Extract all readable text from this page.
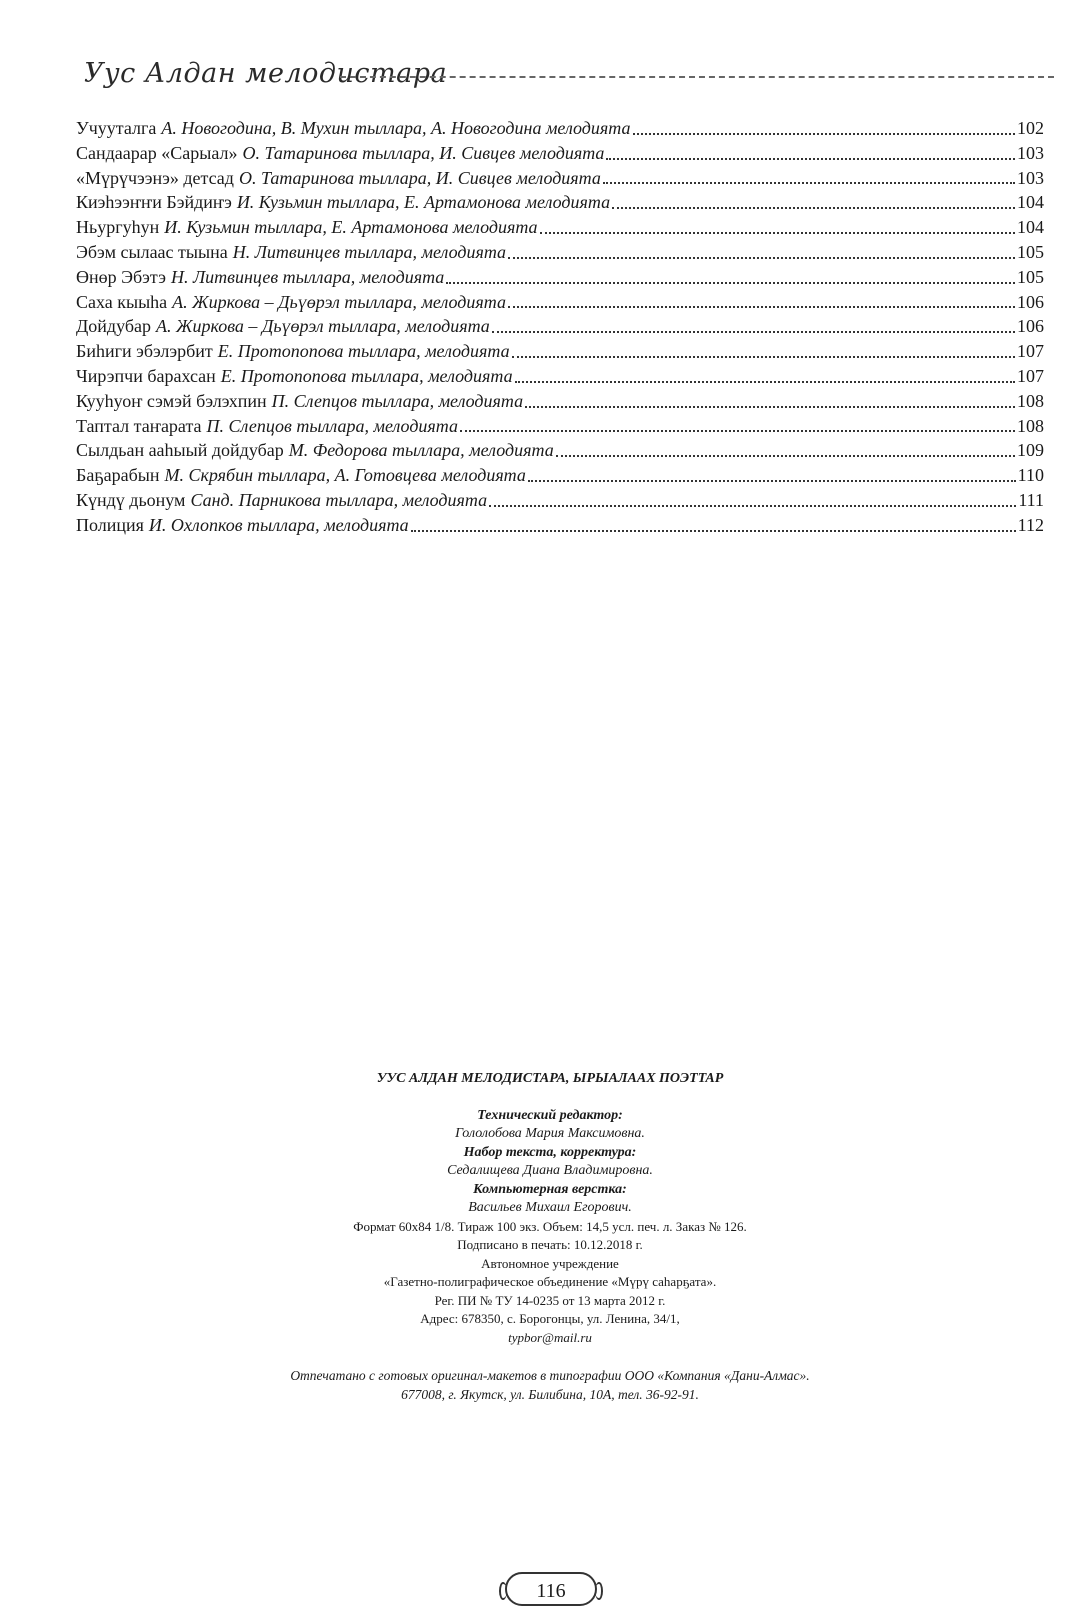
Уус Алдан мелодистара
Учууталга А. Новогодина, В. Мухин тыллара, А. Новогодина мелодията	102
Сандаарар «Сарыал» О. Татаринова тыллара, И. Сивцев мелодията	103
«Мүрүчээнэ» детсад О. Татаринова тыллара, И. Сивцев мелодията	103
Киэһээҥҥи Бэйдиҥэ И. Кузьмин тыллара, Е. Артамонова мелодията	104
Ньургуһун И. Кузьмин тыллара, Е. Артамонова мелодията	104
Эбэм сылаас тыына Н. Литвинцев тыллара, мелодията	105
Өнөр Эбэтэ Н. Литвинцев тыллара, мелодията	105
Саха кыыһа А. Жиркова – Дьүөрэл тыллара, мелодията	106
Дойдубар А. Жиркова – Дьүөрэл тыллара, мелодията	106
Биһиги эбэлэрбит Е. Протопопова тыллара, мелодията	107
Чирэпчи барахсан Е. Протопопова тыллара, мелодията	107
Кууһуоҥ сэмэй бэлэхпин П. Слепцов тыллара, мелодията	108
Таптал таҥарата П. Слепцов тыллара, мелодията	108
Сылдьан ааһыый дойдубар М. Федорова тыллара, мелодията	109
Баҕарабын М. Скрябин тыллара, А. Готовцева мелодията	110
Күндү дьонум Санд. Парникова тыллара, мелодията	111
Полиция И. Охлопков тыллара, мелодията	112
УУС АЛДАН МЕЛОДИСТАРА, ЫРЫАЛААХ ПОЭТТАР
Технический редактор:
Гололобова Мария Максимовна.
Набор текста, корректура:
Седалищева Диана Владимировна.
Компьютерная верстка:
Васильев Михаил Егорович.
Формат 60х84 1/8. Тираж 100 экз. Объем: 14,5 усл. печ. л. Заказ № 126.
Подписано в печать: 10.12.2018 г.
Автономное учреждение
«Газетно-полиграфическое объединение «Мүрү саһарҕата».
Рег. ПИ № ТУ 14-0235 от 13 марта 2012 г.
Адрес: 678350, с. Борогонцы, ул. Ленина, 34/1,
typbor@mail.ru
Отпечатано с готовых оригинал-макетов в типографии ООО «Компания «Дани-Алмас».
677008, г. Якутск, ул. Билибина, 10А, тел. 36-92-91.
116
